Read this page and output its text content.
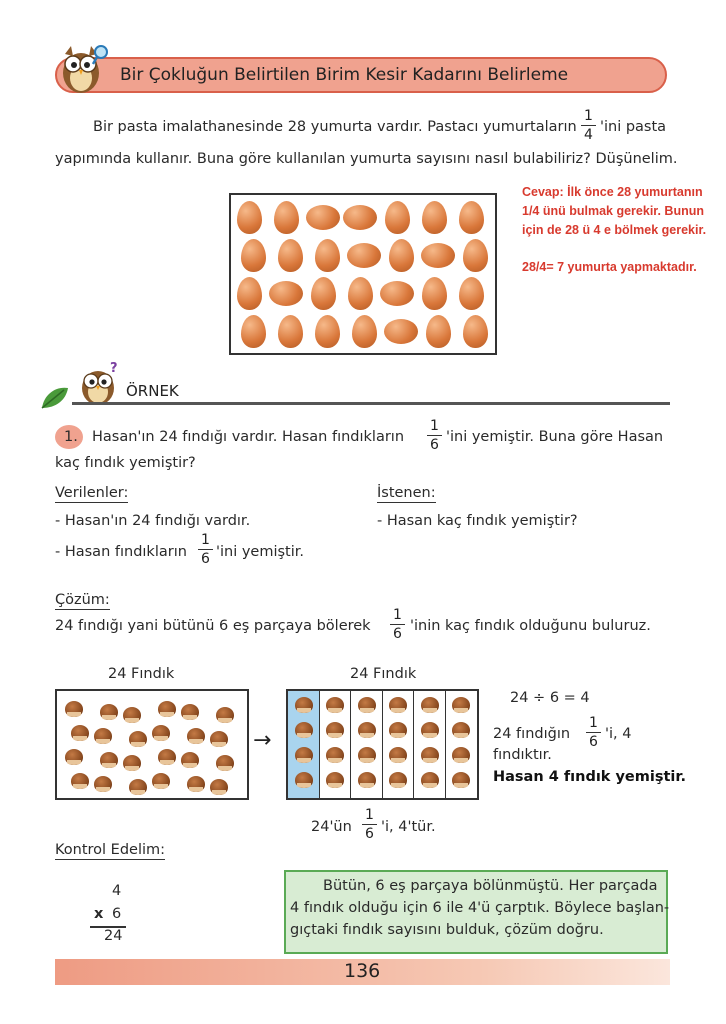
Bir Çokluğun Belirtilen Birim Kesir Kadarını Belirleme
Bir pasta imalathanesinde 28 yumurta vardır. Pastacı yumurtaların $\frac{1}{4}$ 'ini pasta
yapımında kullanır. Buna göre kullanılan yumurta sayısını nasıl bulabiliriz? Düşünelim.
Cevap: İlk önce 28 yumurtanın
1/4 ünü bulmak gerekir. Bunun
için de 28 ü 4 e bölmek gerekir.
28/4= 7 yumurta yapmaktadır.
?
ÖRNEK
1. Hasan'ın 24 fındığı vardır. Hasan fındıkların $\frac{1}{6}$ 'ini yemiştir. Buna göre Hasan
kaç fındık yemiştir?
Verilenler:
- Hasan'ın 24 fındığı vardır.
- Hasan fındıkların $\frac{1}{6}$ 'ini yemiştir.
İstenen:
- Hasan kaç fındık yemiştir?
Çözüm:
24 fındığı yani bütünü 6 eş parçaya bölerek $\frac{1}{6}$ 'inin kaç fındık olduğunu buluruz.
24 Fındık	24 Fındık
→
24'ün $\frac{1}{6}$ 'i, 4'tür.
24 ÷ 6 = 4
24 fındığın $\frac{1}{6}$ 'i, 4
fındıktır.
Hasan 4 fındık yemiştir.
Kontrol Edelim:
4
x 6
24
Bütün, 6 eş parçaya bölünmüştü. Her parçada
4 fındık olduğu için 6 ile 4'ü çarptık. Böylece başlan-
gıçtaki fındık sayısını bulduk, çözüm doğru.
136
